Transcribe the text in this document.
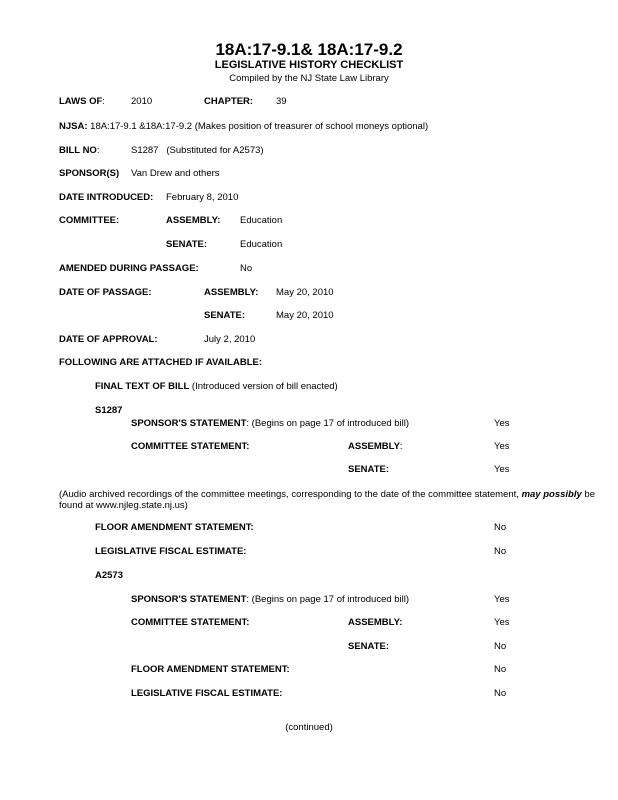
18A:17-9.1& 18A:17-9.2
LEGISLATIVE HISTORY CHECKLIST
Compiled by the NJ State Law Library
LAWS OF:	2010	CHAPTER: 39
NJSA: 18A:17-9.1 &18A:17-9.2 (Makes position of treasurer of school moneys optional)
BILL NO:	S1287   (Substituted for A2573)
SPONSOR(S) Van Drew and others
DATE INTRODUCED: February 8, 2010
COMMITTEE:	ASSEMBLY: Education
SENATE:	Education
AMENDED DURING PASSAGE:	No
DATE OF PASSAGE:	ASSEMBLY: May 20, 2010
SENATE:	May 20, 2010
DATE OF APPROVAL:	July 2, 2010
FOLLOWING ARE ATTACHED IF AVAILABLE:
FINAL TEXT OF BILL (Introduced version of bill enacted)
S1287
SPONSOR'S STATEMENT: (Begins on page 17 of introduced bill)	Yes
COMMITTEE STATEMENT:	ASSEMBLY:	Yes
SENATE:	Yes
(Audio archived recordings of the committee meetings, corresponding to the date of the committee statement, may possibly be found at www.njleg.state.nj.us)
FLOOR AMENDMENT STATEMENT:	No
LEGISLATIVE FISCAL ESTIMATE:	No
A2573
SPONSOR'S STATEMENT: (Begins on page 17 of introduced bill)	Yes
COMMITTEE STATEMENT:	ASSEMBLY:	Yes
SENATE:	No
FLOOR AMENDMENT STATEMENT:	No
LEGISLATIVE FISCAL ESTIMATE:	No
(continued)
